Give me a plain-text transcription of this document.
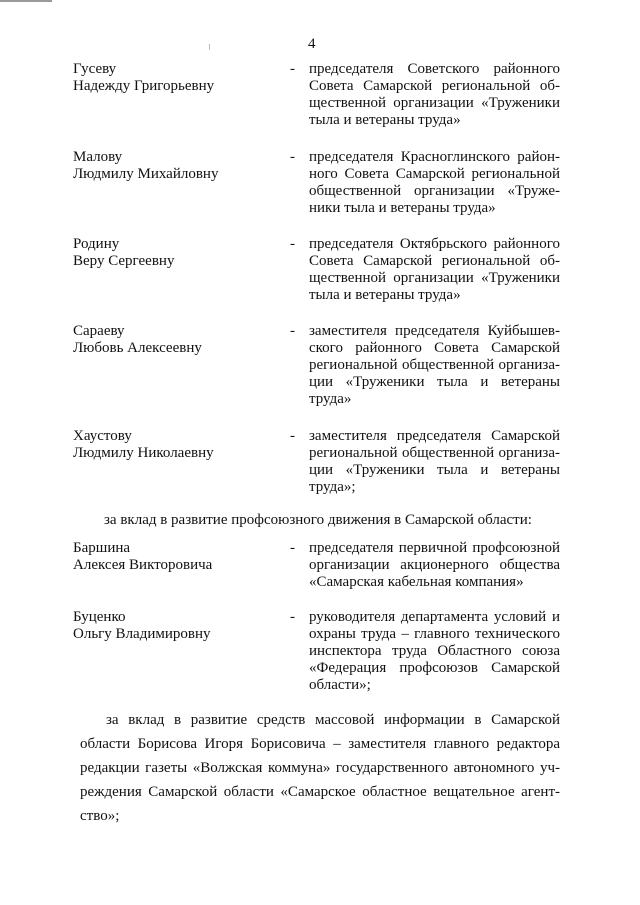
4
Гусеву
Надежду Григорьевну
- председателя Советского районного
Совета Самарской региональной об-
щественной организации «Труженики
тыла и ветераны труда»
Малову
Людмилу Михайловну
- председателя Красноглинского район-
ного Совета Самарской региональной
общественной организации «Труже-
ники тыла и ветераны труда»
Родину
Веру Сергеевну
- председателя Октябрьского районного
Совета Самарской региональной об-
щественной организации «Труженики
тыла и ветераны труда»
Сараеву
Любовь Алексеевну
- заместителя председателя Куйбышев-
ского районного Совета Самарской
региональной общественной организа-
ции «Труженики тыла и ветераны
труда»
Хаустову
Людмилу Николаевну
- заместителя председателя Самарской
региональной общественной организа-
ции «Труженики тыла и ветераны
труда»;
за вклад в развитие профсоюзного движения в Самарской области:
Баршина
Алексея Викторовича
- председателя первичной профсоюзной
организации акционерного общества
«Самарская кабельная компания»
Буценко
Ольгу Владимировну
- руководителя департамента условий и
охраны труда – главного технического
инспектора труда Областного союза
«Федерация профсоюзов Самарской
области»;
за вклад в развитие средств массовой информации в Самарской
области Борисова Игоря Борисовича – заместителя главного редактора
редакции газеты «Волжская коммуна» государственного автономного уч-
реждения Самарской области «Самарское областное вещательное агент-
ство»;
